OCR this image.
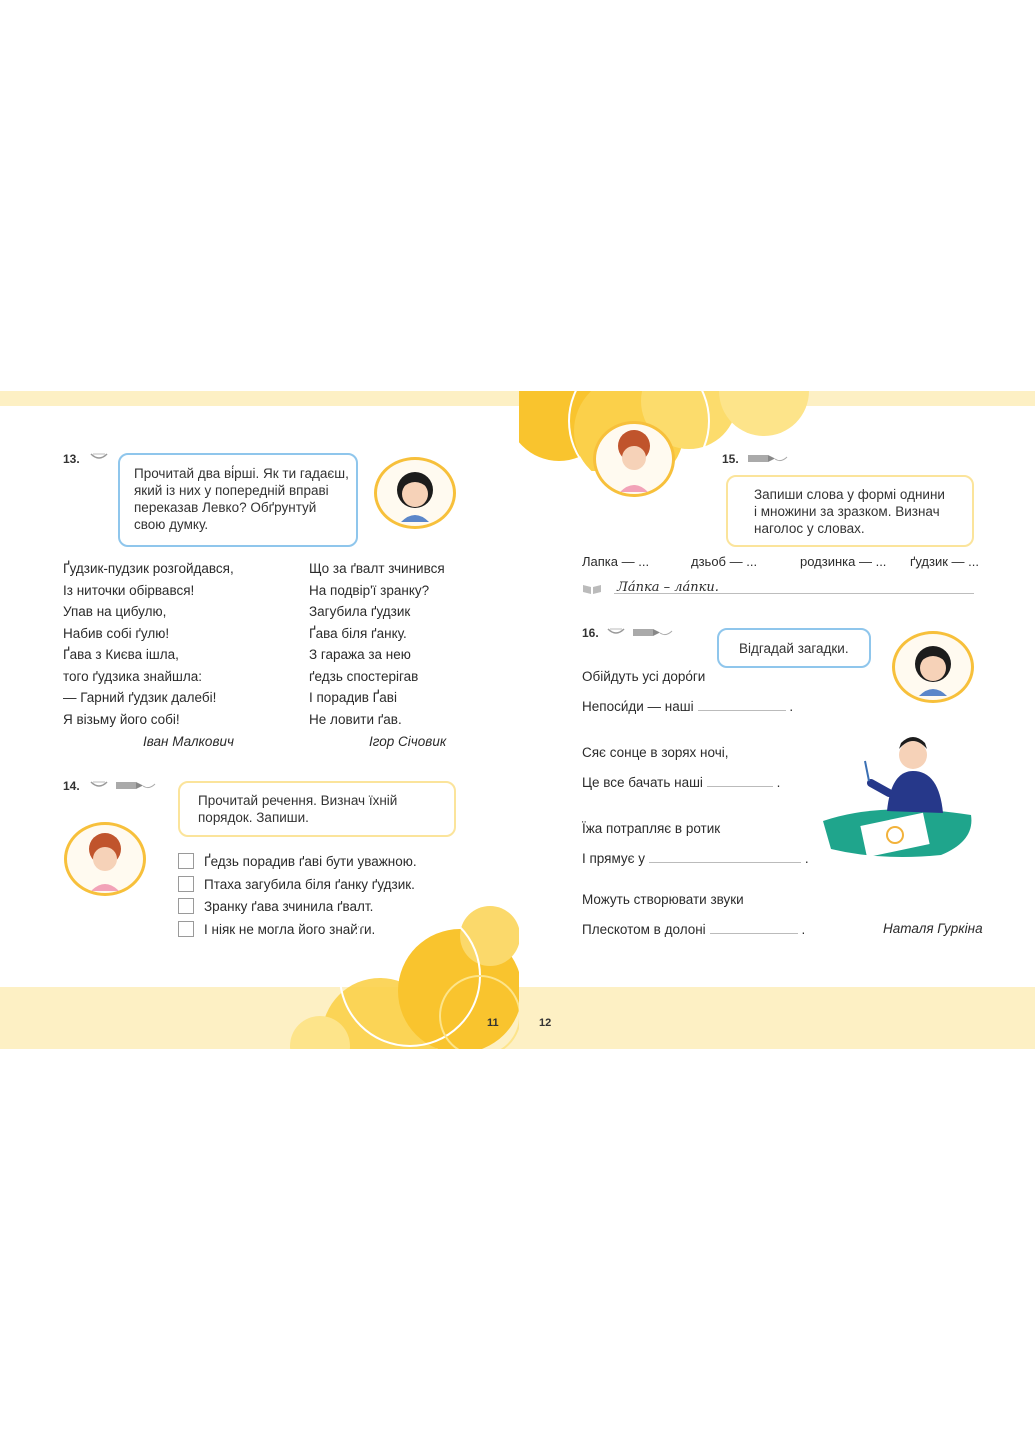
13.
Прочитай два ві́рші. Як ти гадаєш,
який із них у попередній вправі
переказав Левко? Обґрунтуй
свою думку.
Ґудзик-пудзик розгойдався,
Із ниточки обірвався!
Упав на цибулю,
Набив собі ґулю!
Ґава з Києва ішла,
того ґудзика знайшла:
— Гарний ґудзик далебі!
Я візьму його собі!
Іван Малкович
Що за ґвалт зчинився
На подвір'ї зранку?
Загубила ґудзик
Ґава біля ґанку.
З гаража за нею
ґедзь спостерігав
І порадив Ґаві
Не ловити ґав.
Ігор Січовик
14.
Прочитай речення. Визнач їхній
порядок. Запиши.
Ґедзь порадив ґаві бути уважною.
Птаха загубила біля ґанку ґудзик.
Зранку ґава зчинила ґвалт.
І ніяк не могла його знайти.
11
15.
Запиши слова у формі однини
і множини за зразком. Визнач
наголос у словах.
Лапка — ...	дзьоб — ...	родзинка — ... ґудзик — ...
Ла́пка – ла́пки.
16.
Відгадай загадки.
Обійдуть усі доро́ги
Непоси́ди — наші	.
Сяє сонце в зорях ночі,
Це все бачать наші	.
Їжа потрапляє в ротик
І прямує у	.
Можуть створювати звуки
Плескотом в долоні	.	Наталя Гуркіна
12
